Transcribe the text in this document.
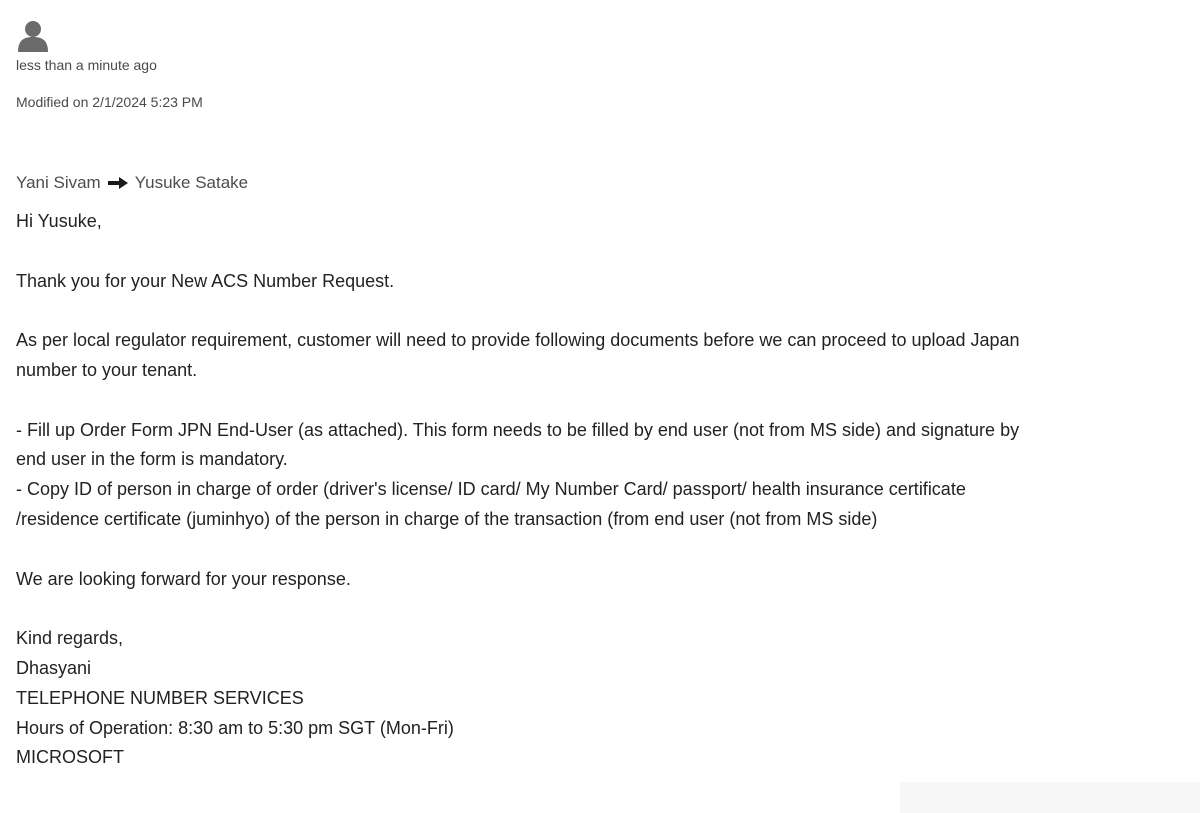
less than a minute ago
Modified on 2/1/2024 5:23 PM
Yani Sivam Yusuke Satake

Hi Yusuke,

Thank you for your New ACS Number Request.

As per local regulator requirement, customer will need to provide following documents before we can proceed to upload Japan

number to your tenant.

- Fill up Order Form JPN End-User (as attached). This form needs to be filled by end user (not from MS side) and signature by

end user in the form is mandatory.

- Copy ID of person in charge of order (driver's license/ ID card/ My Number Card/ passport/ health insurance certificate

/residence certificate (juminhyo) of the person in charge of the transaction (from end user (not from MS side)

We are looking forward for your response.

Kind regards,

Dhasyani

TELEPHONE NUMBER SERVICES

Hours of Operation: 8:30 am to 5:30 pm SGT (Mon-Fri)

MICROSOFT
